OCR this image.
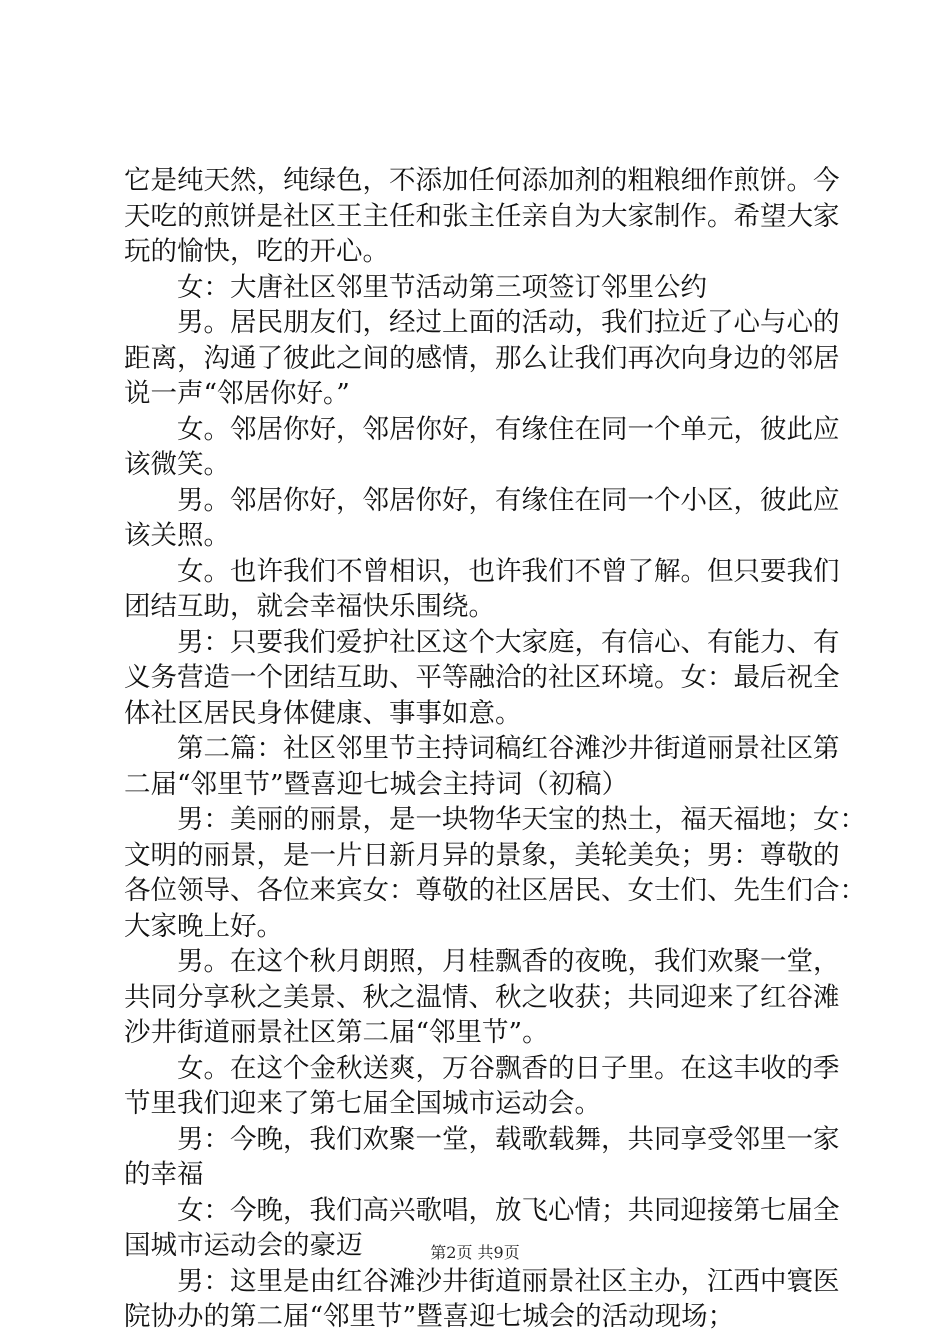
它是纯天然，纯绿色，不添加任何添加剂的粗粮细作煎饼。今
天吃的煎饼是社区王主任和张主任亲自为大家制作。希望大家
玩的愉快，吃的开心。
　　女：大唐社区邻里节活动第三项签订邻里公约
　　男。居民朋友们，经过上面的活动，我们拉近了心与心的
距离，沟通了彼此之间的感情，那么让我们再次向身边的邻居
说一声“邻居你好。”
　　女。邻居你好，邻居你好，有缘住在同一个单元，彼此应
该微笑。
　　男。邻居你好，邻居你好，有缘住在同一个小区，彼此应
该关照。
　　女。也许我们不曾相识，也许我们不曾了解。但只要我们
团结互助，就会幸福快乐围绕。
　　男：只要我们爱护社区这个大家庭，有信心、有能力、有
义务营造一个团结互助、平等融洽的社区环境。女：最后祝全
体社区居民身体健康、事事如意。
　　第二篇：社区邻里节主持词稿红谷滩沙井街道丽景社区第
二届“邻里节”暨喜迎七城会主持词（初稿）
　　男：美丽的丽景，是一块物华天宝的热土，福天福地；女：
文明的丽景，是一片日新月异的景象，美轮美奂；男：尊敬的
各位领导、各位来宾女：尊敬的社区居民、女士们、先生们合：
大家晚上好。
　　男。在这个秋月朗照，月桂飘香的夜晚，我们欢聚一堂，
共同分享秋之美景、秋之温情、秋之收获；共同迎来了红谷滩
沙井街道丽景社区第二届“邻里节”。
　　女。在这个金秋送爽，万谷飘香的日子里。在这丰收的季
节里我们迎来了第七届全国城市运动会。
　　男：今晚，我们欢聚一堂，载歌载舞，共同享受邻里一家
的幸福
　　女：今晚，我们高兴歌唱，放飞心情；共同迎接第七届全
国城市运动会的豪迈
　　男：这里是由红谷滩沙井街道丽景社区主办，江西中寰医
院协办的第二届“邻里节”暨喜迎七城会的活动现场；
第2页 共9页
